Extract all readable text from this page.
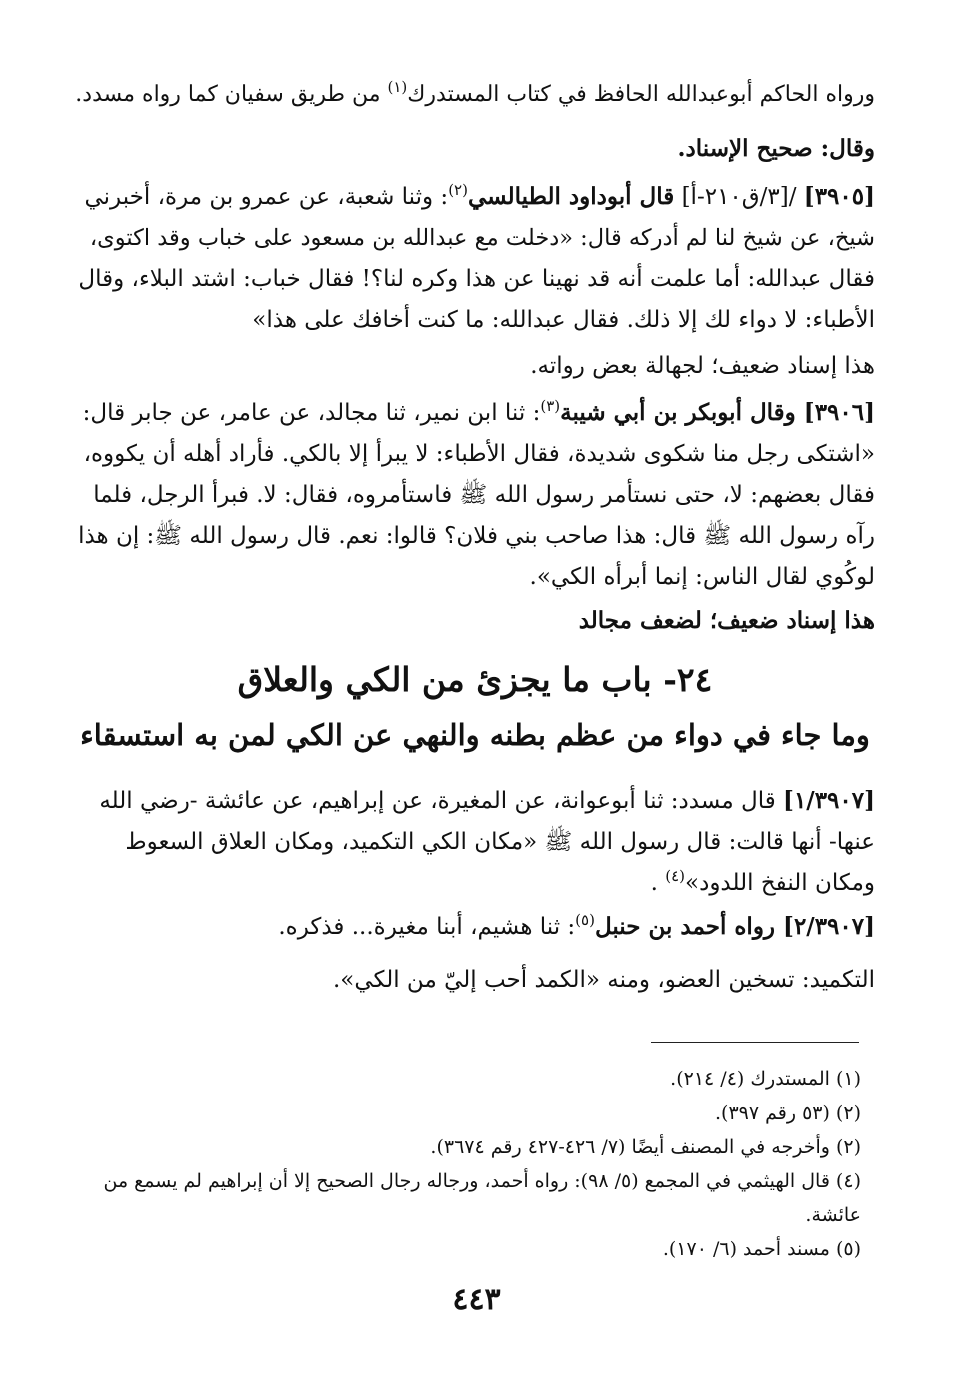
ورواه الحاكم أبوعبدالله الحافظ في كتاب المستدرك$^{(١)}$ من طريق سفيان كما رواه مسدد.
وقال: صحيح الإسناد.
[٣٩٠٥] /[٣/ق٢١٠-أ] قال أبوداود الطيالسي$^{(٢)}$: وثنا شعبة، عن عمرو بن مرة، أخبرني
شيخ، عن شيخ لنا لم أدركه قال: «دخلت مع عبدالله بن مسعود على خباب وقد اكتوى،
فقال عبدالله: أما علمت أنه قد نهينا عن هذا وكره لنا؟! فقال خباب: اشتد البلاء، وقال
الأطباء: لا دواء لك إلا ذلك. فقال عبدالله: ما كنت أخافك على هذا»
هذا إسناد ضعيف؛ لجهالة بعض رواته.
[٣٩٠٦] وقال أبوبكر بن أبي شيبة$^{(٣)}$: ثنا ابن نمير، ثنا مجالد، عن عامر، عن جابر قال:
«اشتكى رجل منا شكوى شديدة، فقال الأطباء: لا يبرأ إلا بالكي. فأراد أهله أن يكووه،
فقال بعضهم: لا، حتى نستأمر رسول الله ﷺ فاستأمروه، فقال: لا. فبرأ الرجل، فلما
رآه رسول الله ﷺ قال: هذا صاحب بني فلان؟ قالوا: نعم. قال رسول الله ﷺ: إن هذا
لوكُوي لقال الناس: إنما أبرأه الكي».
هذا إسناد ضعيف؛ لضعف مجالد
٢٤- باب ما يجزئ من الكي والعلاق
وما جاء في دواء من عظم بطنه والنهي عن الكي لمن به استسقاء
[١/٣٩٠٧] قال مسدد: ثنا أبوعوانة، عن المغيرة، عن إبراهيم، عن عائشة -رضي الله
عنها- أنها قالت: قال رسول الله ﷺ «مكان الكي التكميد، ومكان العلاق السعوط
ومكان النفخ اللدود»$^{(٤)}$ .
[٢/٣٩٠٧] رواه أحمد بن حنبل$^{(٥)}$: ثنا هشيم، أبنا مغيرة... فذكره.
التكميد: تسخين العضو، ومنه «الكمد أحب إليّ من الكي».
(١) المستدرك (٤/ ٢١٤).
(٢) (٥٣ رقم ٣٩٧).
(٢) وأخرجه في المصنف أيضًا (٧/ ٤٢٦-٤٢٧ رقم ٣٦٧٤).
(٤) قال الهيثمي في المجمع (٥/ ٩٨): رواه أحمد، ورجاله رجال الصحيح إلا أن إبراهيم لم يسمع من
عائشة.
(٥) مسند أحمد (٦/ ١٧٠).
٤٤٣
